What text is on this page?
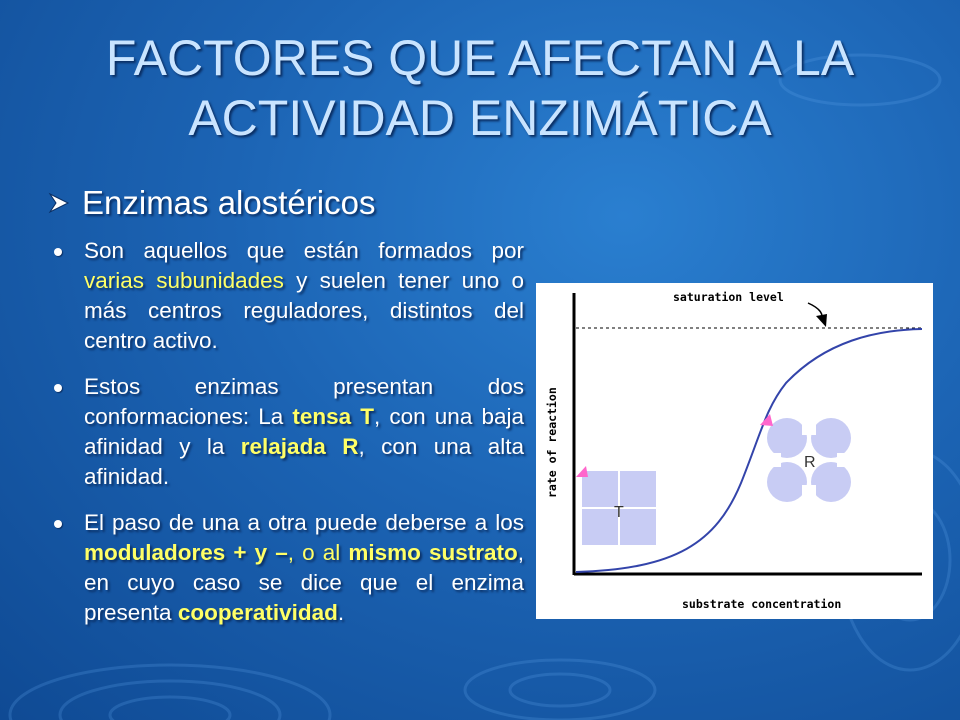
FACTORES QUE AFECTAN A LA
ACTIVIDAD ENZIMÁTICA
Enzimas alostéricos
Son aquellos que están formados por varias subunidades y suelen tener uno o más centros reguladores, distintos del centro activo.
Estos enzimas presentan dos conformaciones: La tensa T, con una baja afinidad y la relajada R, con una alta afinidad.
El paso de una a otra puede deberse a los moduladores + y –, o al mismo sustrato, en cuyo caso se dice que el enzima presenta cooperatividad.
saturation level
substrate concentration
rate of reaction
T
R
